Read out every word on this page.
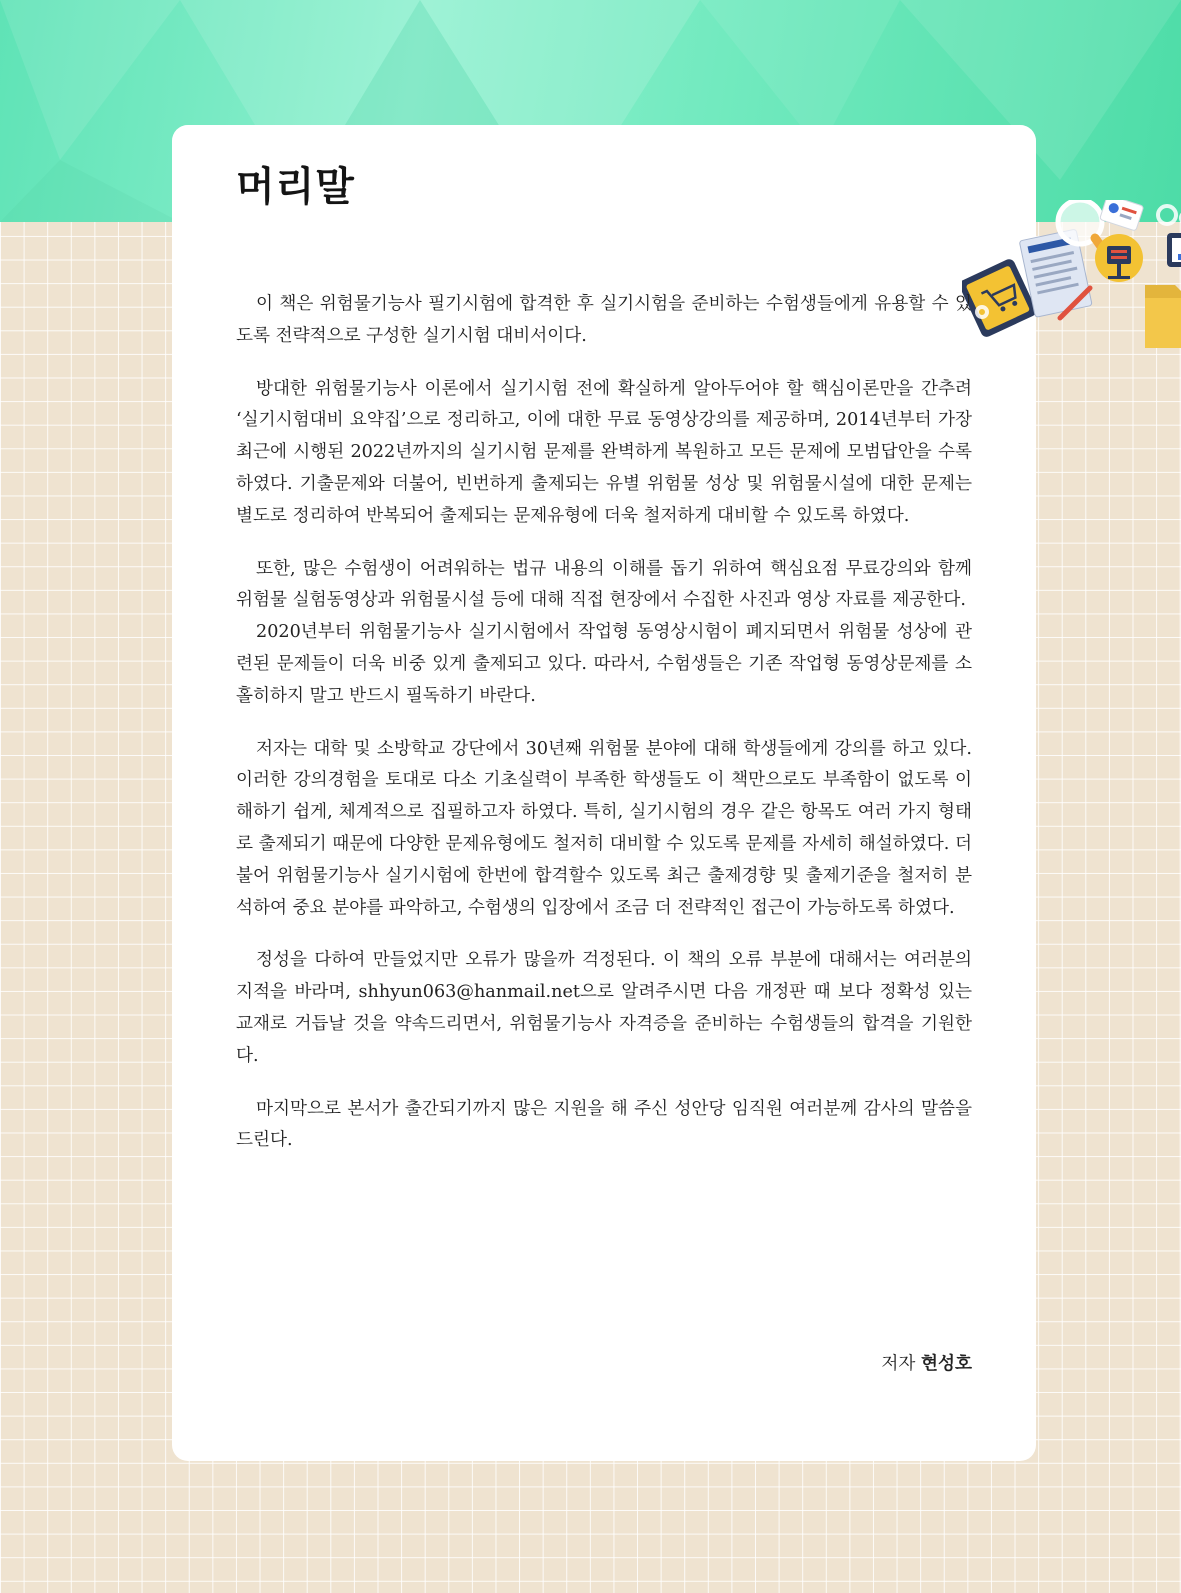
머리말

이 책은 위험물기능사 필기시험에 합격한 후 실기시험을 준비하는 수험생들에게 유용할 수 있도록 전략적으로 구성한 실기시험 대비서이다.

방대한 위험물기능사 이론에서 실기시험 전에 확실하게 알아두어야 할 핵심이론만을 간추려 ‘실기시험대비 요약집’으로 정리하고, 이에 대한 무료 동영상강의를 제공하며, 2014년부터 가장 최근에 시행된 2022년까지의 실기시험 문제를 완벽하게 복원하고 모든 문제에 모범답안을 수록하였다. 기출문제와 더불어, 빈번하게 출제되는 유별 위험물 성상 및 위험물시설에 대한 문제는 별도로 정리하여 반복되어 출제되는 문제유형에 더욱 철저하게 대비할 수 있도록 하였다.

또한, 많은 수험생이 어려워하는 법규 내용의 이해를 돕기 위하여 핵심요점 무료강의와 함께 위험물 실험동영상과 위험물시설 등에 대해 직접 현장에서 수집한 사진과 영상 자료를 제공한다.

2020년부터 위험물기능사 실기시험에서 작업형 동영상시험이 폐지되면서 위험물 성상에 관련된 문제들이 더욱 비중 있게 출제되고 있다. 따라서, 수험생들은 기존 작업형 동영상문제를 소홀히하지 말고 반드시 필독하기 바란다.

저자는 대학 및 소방학교 강단에서 30년째 위험물 분야에 대해 학생들에게 강의를 하고 있다. 이러한 강의경험을 토대로 다소 기초실력이 부족한 학생들도 이 책만으로도 부족함이 없도록 이해하기 쉽게, 체계적으로 집필하고자 하였다. 특히, 실기시험의 경우 같은 항목도 여러 가지 형태로 출제되기 때문에 다양한 문제유형에도 철저히 대비할 수 있도록 문제를 자세히 해설하였다. 더불어 위험물기능사 실기시험에 한번에 합격할수 있도록 최근 출제경향 및 출제기준을 철저히 분석하여 중요 분야를 파악하고, 수험생의 입장에서 조금 더 전략적인 접근이 가능하도록 하였다.

정성을 다하여 만들었지만 오류가 많을까 걱정된다. 이 책의 오류 부분에 대해서는 여러분의 지적을 바라며, shhyun063@hanmail.net으로 알려주시면 다음 개정판 때 보다 정확성 있는 교재로 거듭날 것을 약속드리면서, 위험물기능사 자격증을 준비하는 수험생들의 합격을 기원한다.

마지막으로 본서가 출간되기까지 많은 지원을 해 주신 성안당 임직원 여러분께 감사의 말씀을 드린다.

저자 현성호
